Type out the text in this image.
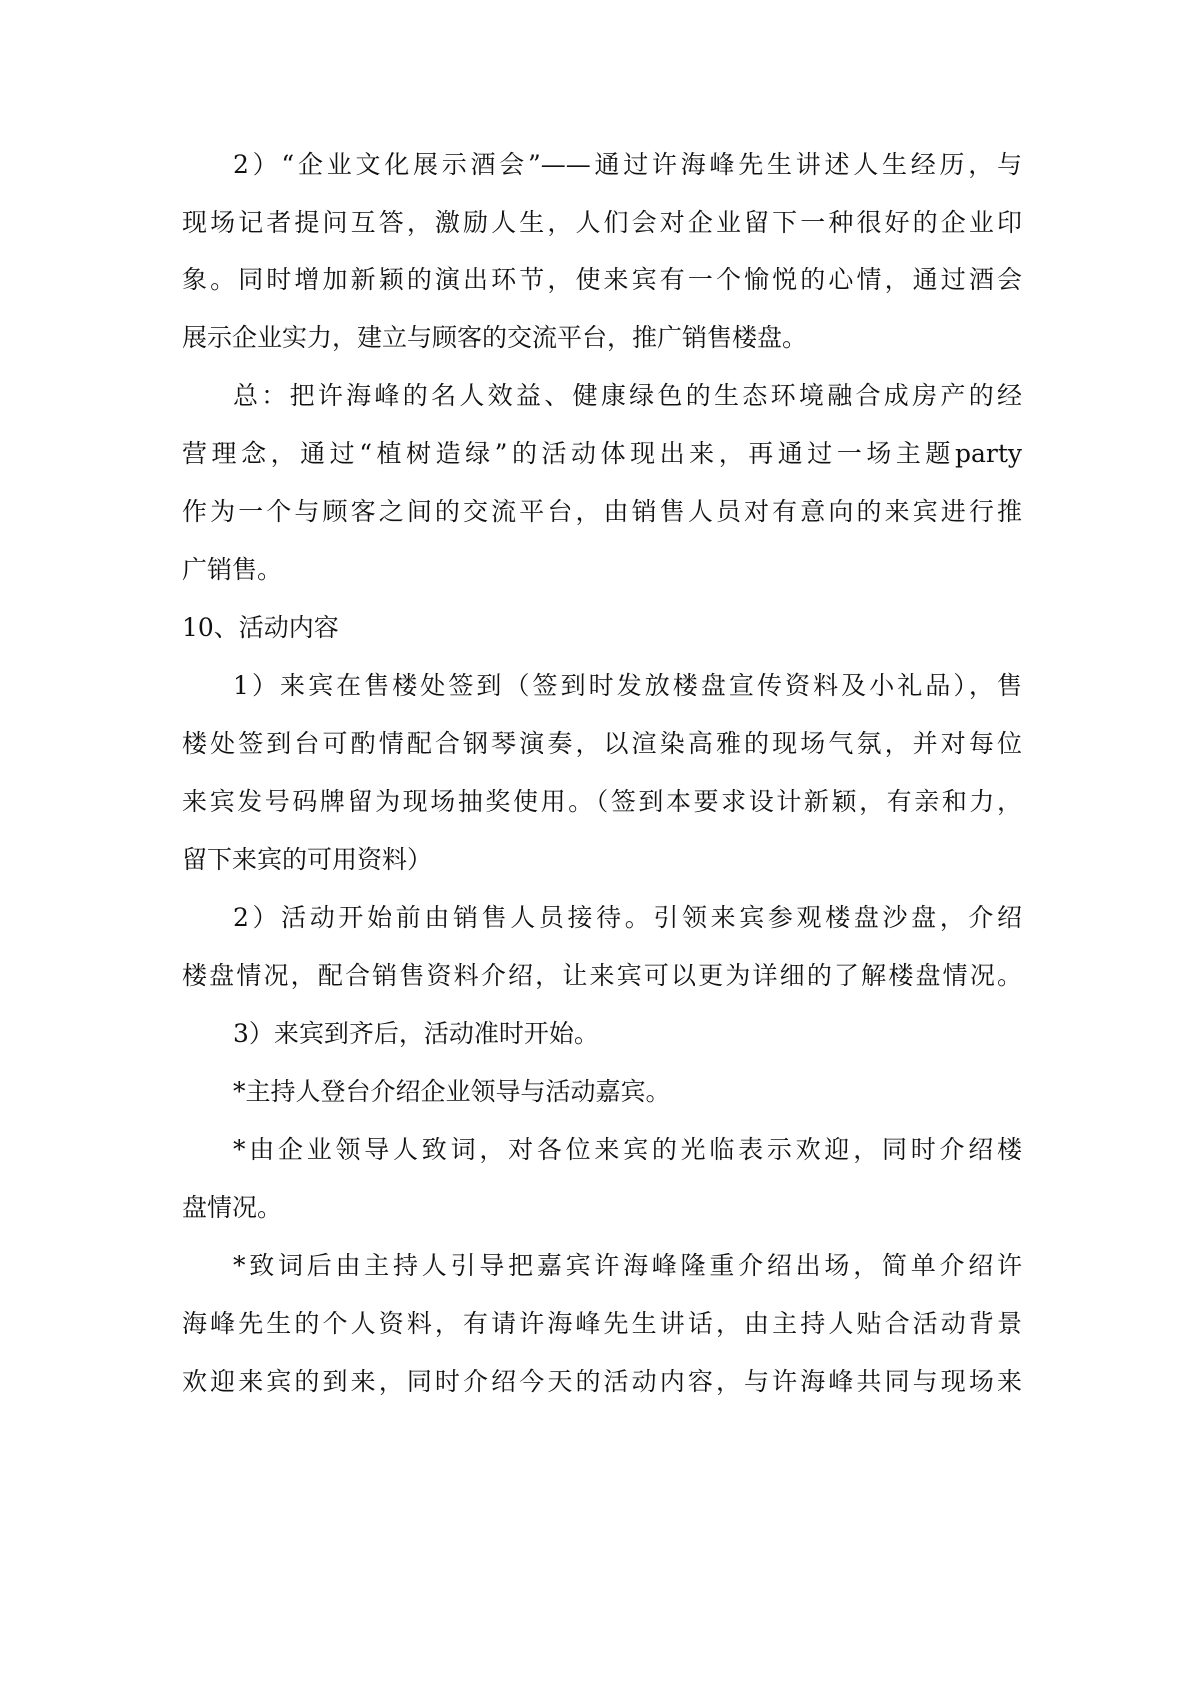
2）“企业文化展示酒会”——通过许海峰先生讲述人生经历，与
现场记者提问互答，激励人生，人们会对企业留下一种很好的企业印
象。同时增加新颖的演出环节，使来宾有一个愉悦的心情，通过酒会
展示企业实力，建立与顾客的交流平台，推广销售楼盘。
总：把许海峰的名人效益、健康绿色的生态环境融合成房产的经
营理念，通过“植树造绿”的活动体现出来，再通过一场主题party
作为一个与顾客之间的交流平台，由销售人员对有意向的来宾进行推
广销售。
10、活动内容
1）来宾在售楼处签到（签到时发放楼盘宣传资料及小礼品），售
楼处签到台可酌情配合钢琴演奏，以渲染高雅的现场气氛，并对每位
来宾发号码牌留为现场抽奖使用。（签到本要求设计新颖，有亲和力，
留下来宾的可用资料）
2）活动开始前由销售人员接待。引领来宾参观楼盘沙盘，介绍
楼盘情况，配合销售资料介绍，让来宾可以更为详细的了解楼盘情况。
3）来宾到齐后，活动准时开始。
*主持人登台介绍企业领导与活动嘉宾。
*由企业领导人致词，对各位来宾的光临表示欢迎，同时介绍楼
盘情况。
*致词后由主持人引导把嘉宾许海峰隆重介绍出场，简单介绍许
海峰先生的个人资料，有请许海峰先生讲话，由主持人贴合活动背景
欢迎来宾的到来，同时介绍今天的活动内容，与许海峰共同与现场来
